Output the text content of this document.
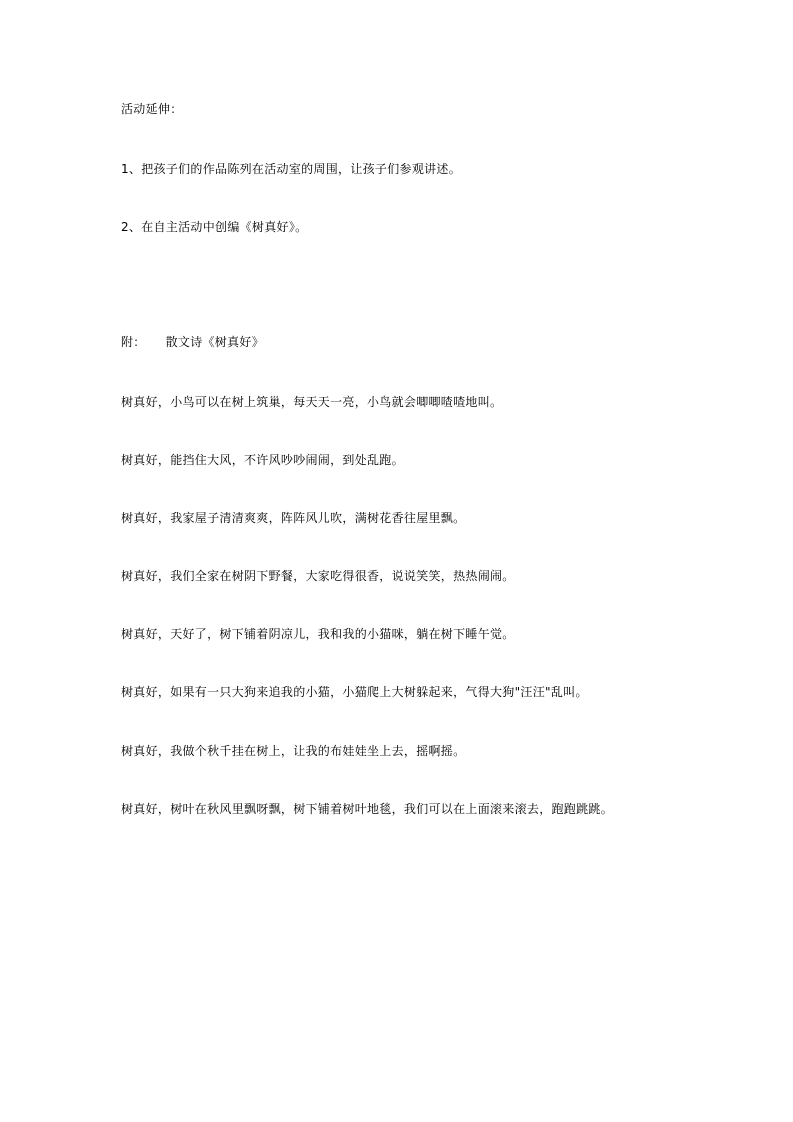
活动延伸：
1、把孩子们的作品陈列在活动室的周围，让孩子们参观讲述。
2、在自主活动中创编《树真好》。
附： 散文诗《树真好》
树真好，小鸟可以在树上筑巢，每天天一亮，小鸟就会唧唧喳喳地叫。
树真好，能挡住大风，不许风吵吵闹闹，到处乱跑。
树真好，我家屋子清清爽爽，阵阵风儿吹，满树花香往屋里飘。
树真好，我们全家在树阴下野餐，大家吃得很香，说说笑笑，热热闹闹。
树真好，天好了，树下铺着阴凉儿，我和我的小猫咪，躺在树下睡午觉。
树真好，如果有一只大狗来追我的小猫，小猫爬上大树躲起来，气得大狗"汪汪"乱叫。
树真好，我做个秋千挂在树上，让我的布娃娃坐上去，摇啊摇。
树真好，树叶在秋风里飘呀飘，树下铺着树叶地毯，我们可以在上面滚来滚去，跑跑跳跳。
